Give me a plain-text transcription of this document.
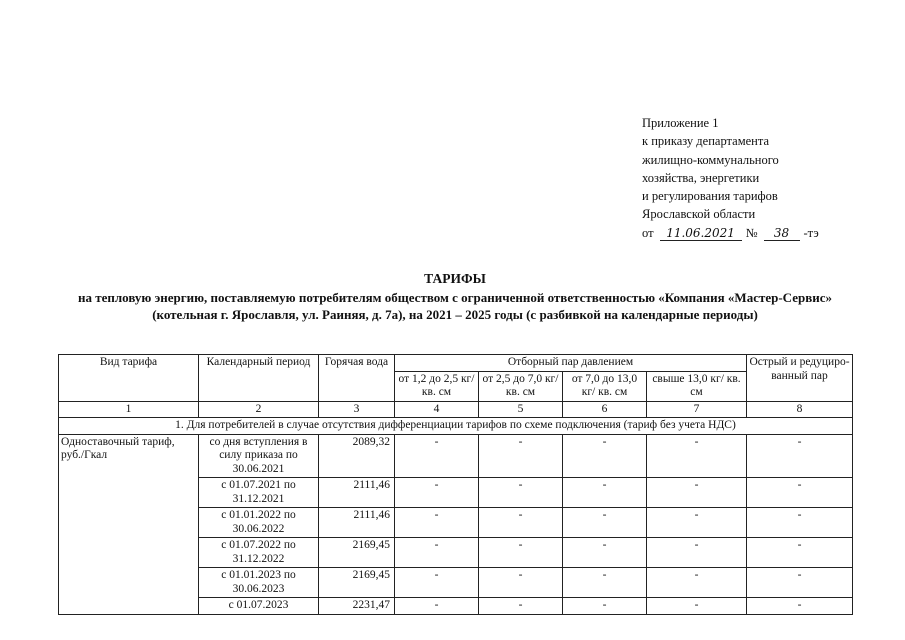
Приложение 1
к приказу департамента
жилищно-коммунального
хозяйства, энергетики
и регулирования тарифов
Ярославской области
от	11.06.2021 №	38	-тэ
ТАРИФЫ
на тепловую энергию, поставляемую потребителям обществом с ограниченной ответственностью «Компания «Мастер-Сервис» (котельная г. Ярославля, ул. Раиняя, д. 7а), на 2021 – 2025 годы (с разбивкой на календарные периоды)
Вид тарифа	Календарный период	Горячая вода	Отборный пар давлением				Острый и редуциро-ванный пар
			от 1,2 до 2,5 кг/ кв. см	от 2,5 до 7,0 кг/ кв. см	от 7,0 до 13,0 кг/ кв. см	свыше 13,0 кг/ кв. см	
1	2	3	4	5	6	7	8
1. Для потребителей в случае отсутствия дифференциации тарифов по схеме подключения (тариф без учета НДС)							
Одноставочный тариф, руб./Гкал	со дня вступления в силу приказа по 30.06.2021	2089,32	-	-	-	-	-
	с 01.07.2021 по 31.12.2021	2111,46	-	-	-	-	-
	с 01.01.2022 по 30.06.2022	2111,46	-	-	-	-	-
	с 01.07.2022 по 31.12.2022	2169,45	-	-	-	-	-
	с 01.01.2023 по 30.06.2023	2169,45	-	-	-	-	-
	с 01.07.2023	2231,47	-	-	-	-	-
